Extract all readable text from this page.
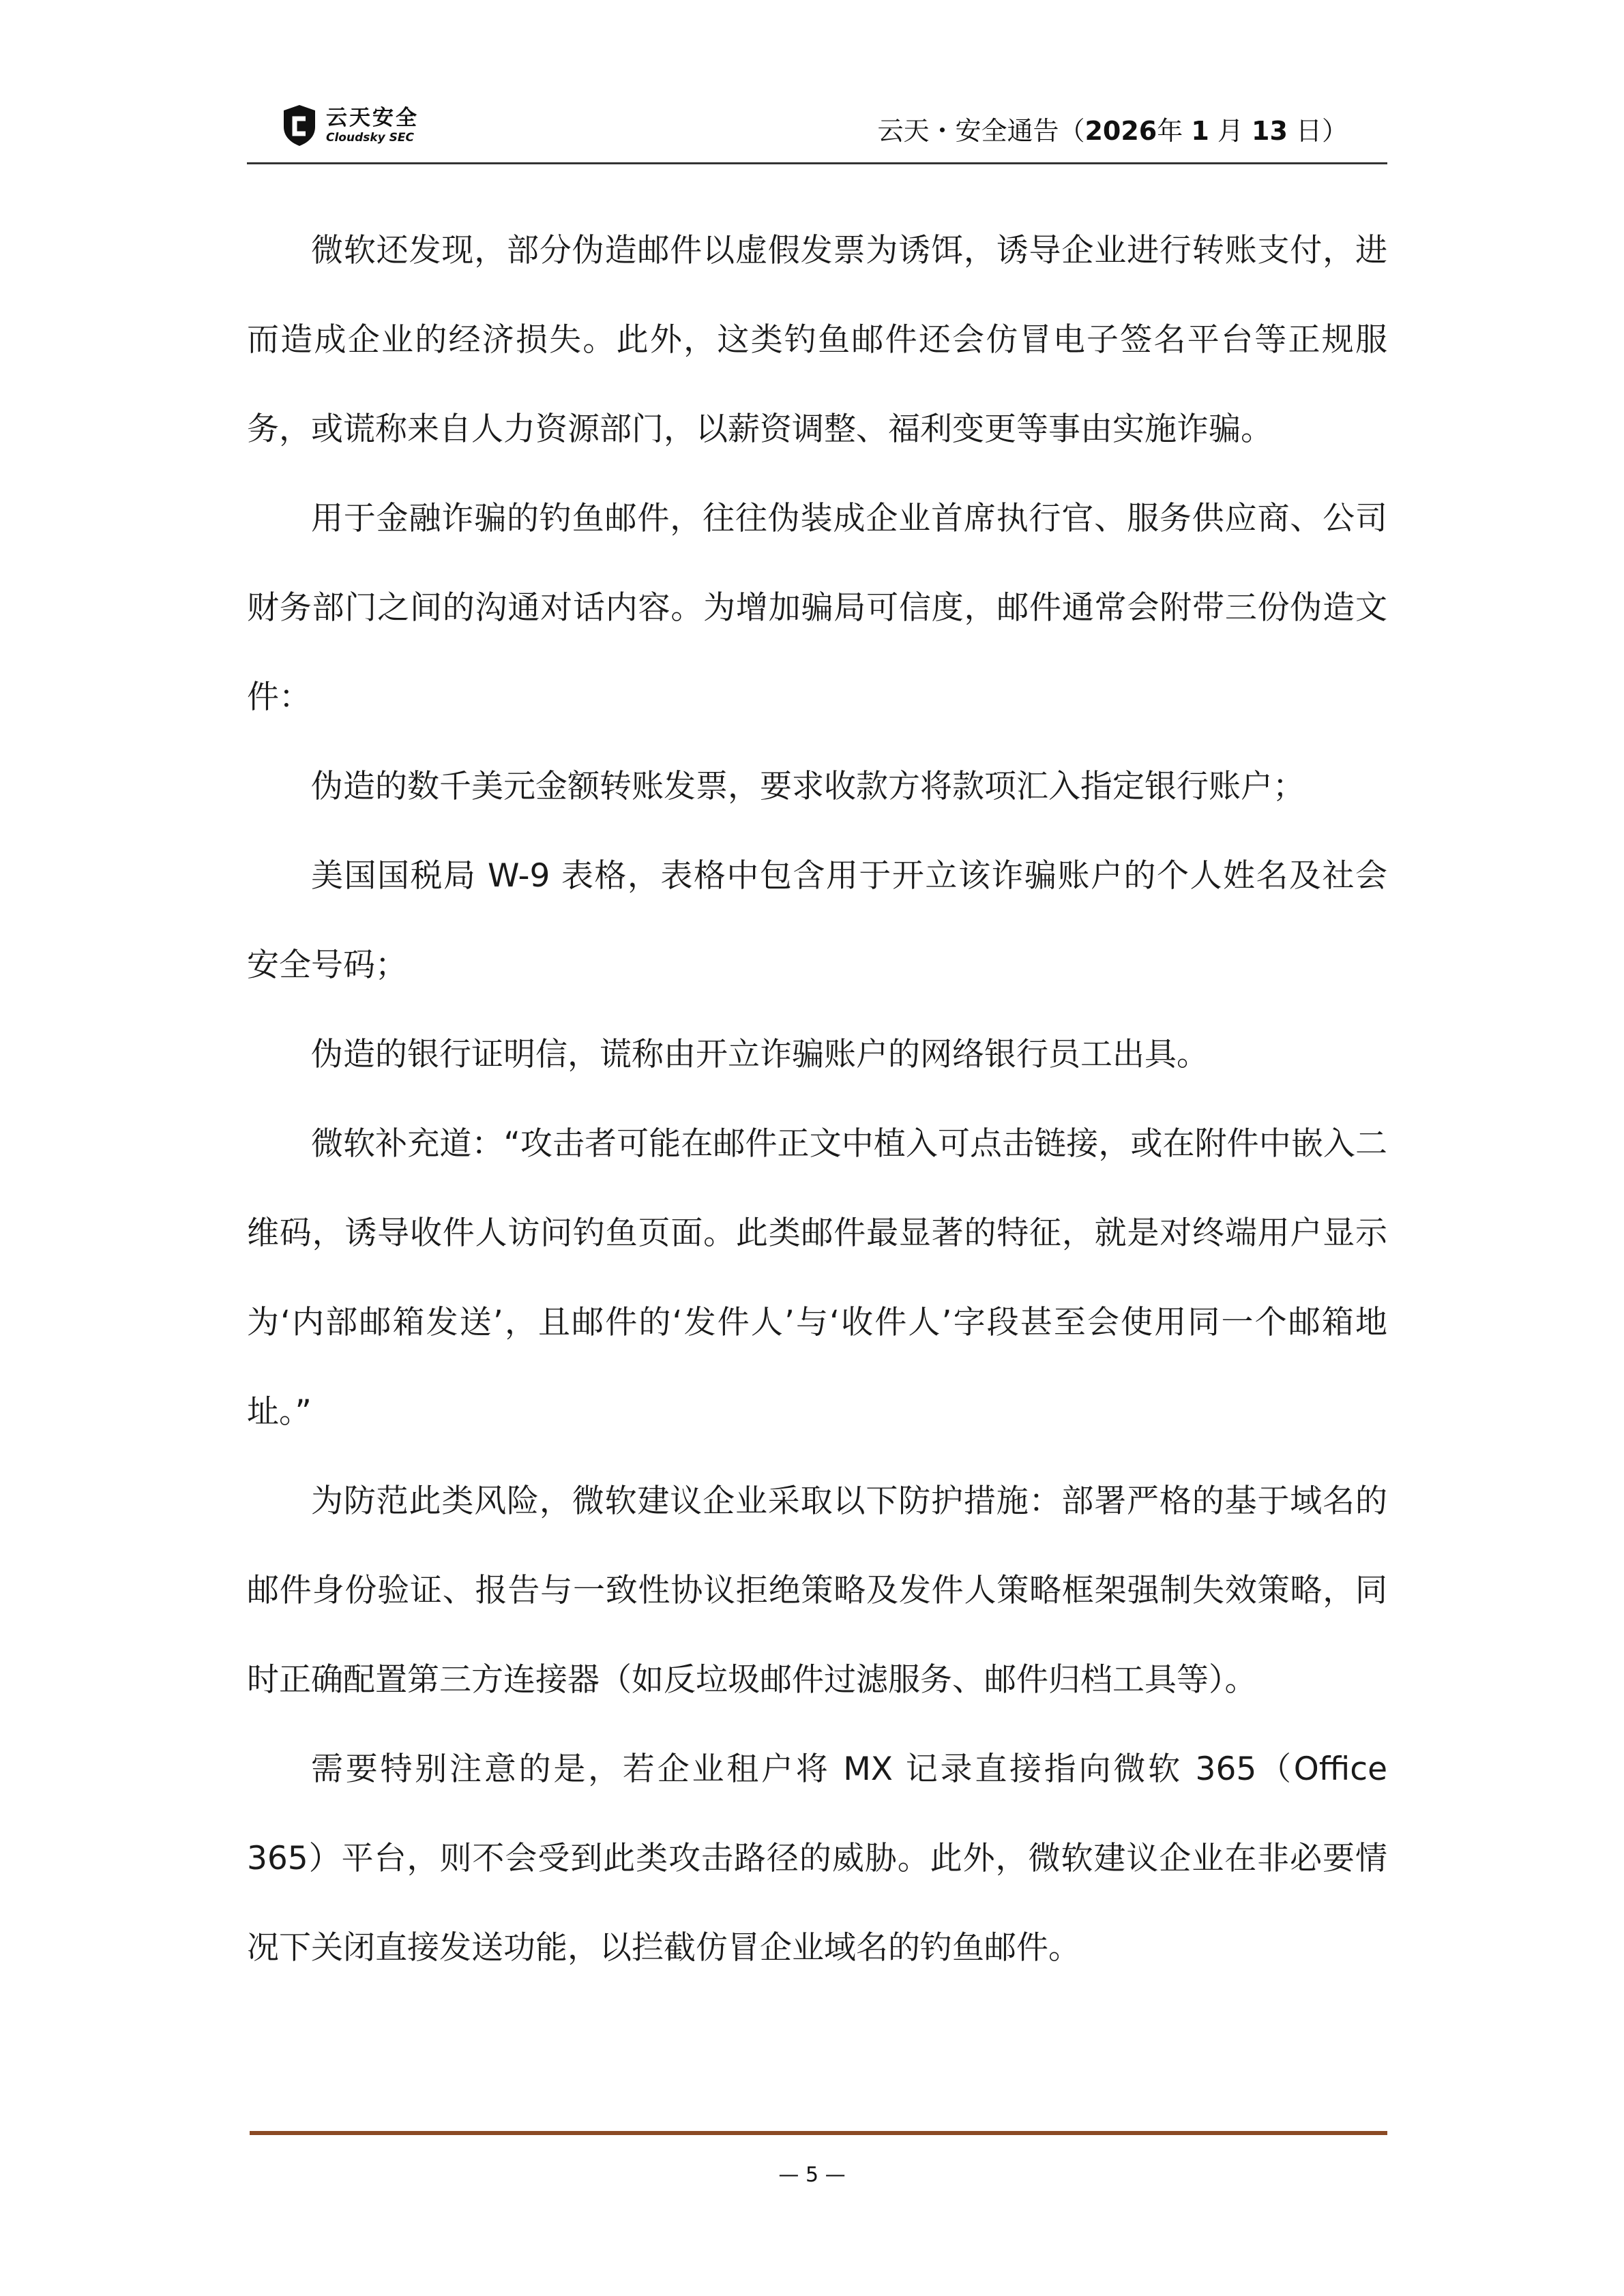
云天安全
Cloudsky SEC	云天・安全通告（2026年 1 月 13 日）

微软还发现，部分伪造邮件以虚假发票为诱饵，诱导企业进行转账支付，进而造成企业的经济损失。此外，这类钓鱼邮件还会仿冒电子签名平台等正规服务，或谎称来自人力资源部门，以薪资调整、福利变更等事由实施诈骗。

用于金融诈骗的钓鱼邮件，往往伪装成企业首席执行官、服务供应商、公司财务部门之间的沟通对话内容。为增加骗局可信度，邮件通常会附带三份伪造文件：

伪造的数千美元金额转账发票，要求收款方将款项汇入指定银行账户；

美国国税局 W-9 表格，表格中包含用于开立该诈骗账户的个人姓名及社会安全号码；

伪造的银行证明信，谎称由开立诈骗账户的网络银行员工出具。

微软补充道：“攻击者可能在邮件正文中植入可点击链接，或在附件中嵌入二维码，诱导收件人访问钓鱼页面。此类邮件最显著的特征，就是对终端用户显示为‘内部邮箱发送’，且邮件的‘发件人’与‘收件人’字段甚至会使用同一个邮箱地址。”

为防范此类风险，微软建议企业采取以下防护措施：部署严格的基于域名的邮件身份验证、报告与一致性协议拒绝策略及发件人策略框架强制失效策略，同时正确配置第三方连接器（如反垃圾邮件过滤服务、邮件归档工具等）。

需要特别注意的是，若企业租户将 MX 记录直接指向微软 365（Office 365）平台，则不会受到此类攻击路径的威胁。此外，微软建议企业在非必要情况下关闭直接发送功能，以拦截仿冒企业域名的钓鱼邮件。

— 5 —
